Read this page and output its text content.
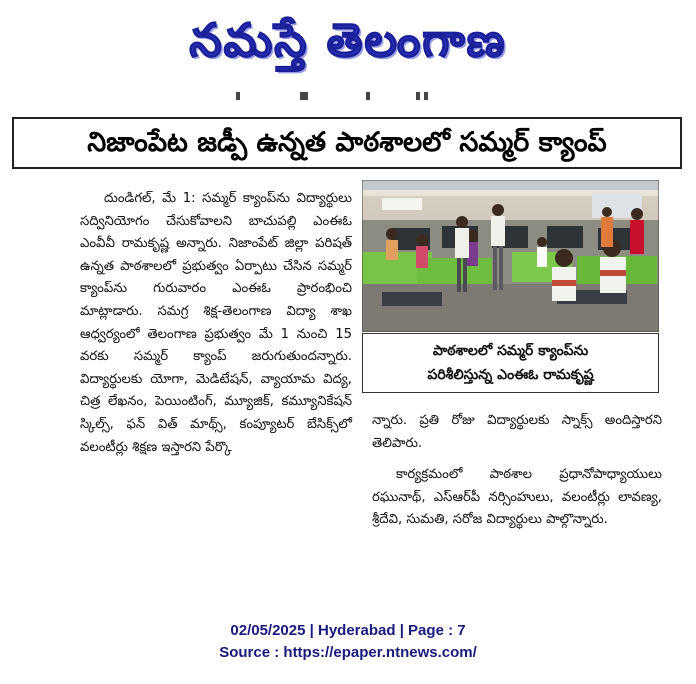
నమస్తే తెలంగాణ
నిజాంపేట జడ్పీ ఉన్నత పాఠశాలలో సమ్మర్‌ క్యాంప్‌

దుండిగల్‌, మే 1: సమ్మర్‌ క్యాంప్‌ను విద్యార్థులు సద్వినియోగం చేసుకోవాలని బాచుపల్లి ఎంఈఓ ఎంవీవీ రామకృష్ణ అన్నారు. నిజాంపేట్‌ జిల్లా పరిషత్‌ ఉన్నత పాఠశాలలో ప్రభుత్వం ఏర్పాటు చేసిన సమ్మర్‌ క్యాంప్‌ను గురువారం ఎంఈఓ ప్రారంభించి మాట్లాడారు. సమగ్ర శిక్ష-తెలంగాణ విద్యా శాఖ ఆధ్వర్యంలో తెలంగాణ ప్రభుత్వం మే 1 నుంచి 15 వరకు సమ్మర్‌ క్యాంప్‌ జరుగుతుందన్నారు. విద్యార్థులకు యోగా, మెడిటేషన్‌, వ్యాయామ విద్య, చిత్ర లేఖనం, పెయింటింగ్‌, మ్యూజిక్‌, కమ్యూనికేషన్‌ స్కిల్స్‌, ఫన్‌ విత్‌ మాథ్స్‌, కంప్యూటర్‌ బేసిక్స్‌లో వలంటీర్లు శిక్షణ ఇస్తారని పేర్కొ

పాఠశాలలో సమ్మర్‌ క్యాంప్‌ను
పరిశీలిస్తున్న ఎంఈఓ రామకృష్ణ

న్నారు. ప్రతి రోజు విద్యార్థులకు స్నాక్స్‌ అందిస్తారని తెలిపారు.

కార్యక్రమంలో పాఠశాల ప్రధానోపాధ్యాయులు రఘునాథ్‌, ఎస్‌ఆర్‌పీ నర్సింహులు, వలంటీర్లు లావణ్య, శ్రీదేవి, సుమతి, సరోజ విద్యార్థులు పాల్గొన్నారు.

02/05/2025 | Hyderabad | Page : 7
Source : https://epaper.ntnews.com/
